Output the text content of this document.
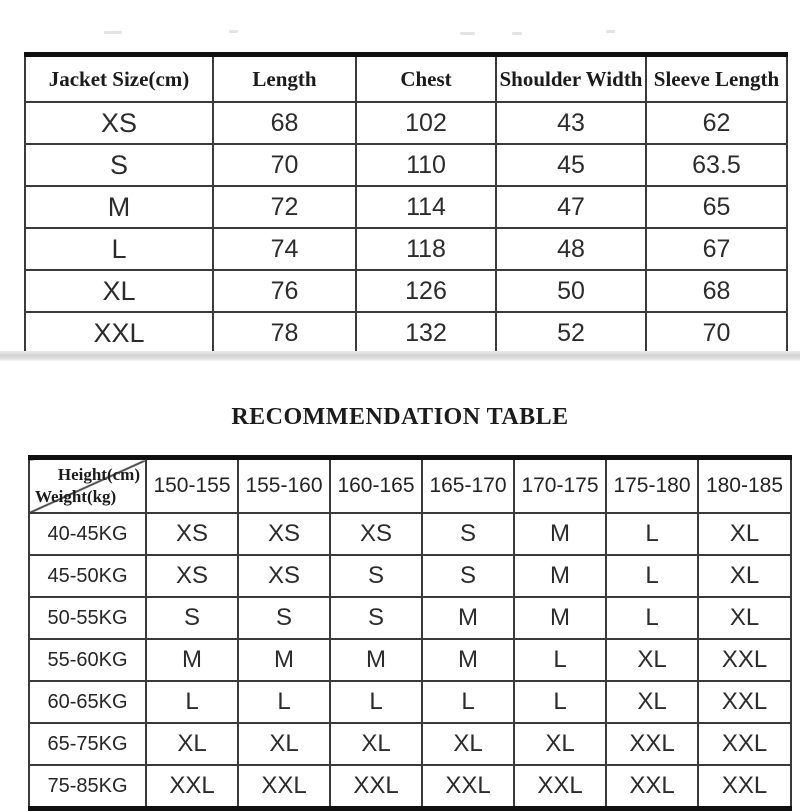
Jacket Size(cm)	Length	Chest	Shoulder Width	Sleeve Length
XS	68	102	43	62
S	70	110	45	63.5
M	72	114	47	65
L	74	118	48	67
XL	76	126	50	68
XXL	78	132	52	70
RECOMMENDATION TABLE
Height(cm)
Weight(kg)	150-155	155-160	160-165	165-170	170-175	175-180	180-185
40-45KG	XS	XS	XS	S	M	L	XL
45-50KG	XS	XS	S	S	M	L	XL
50-55KG	S	S	S	M	M	L	XL
55-60KG	M	M	M	M	L	XL	XXL
60-65KG	L	L	L	L	L	XL	XXL
65-75KG	XL	XL	XL	XL	XL	XXL	XXL
75-85KG	XXL	XXL	XXL	XXL	XXL	XXL	XXL
